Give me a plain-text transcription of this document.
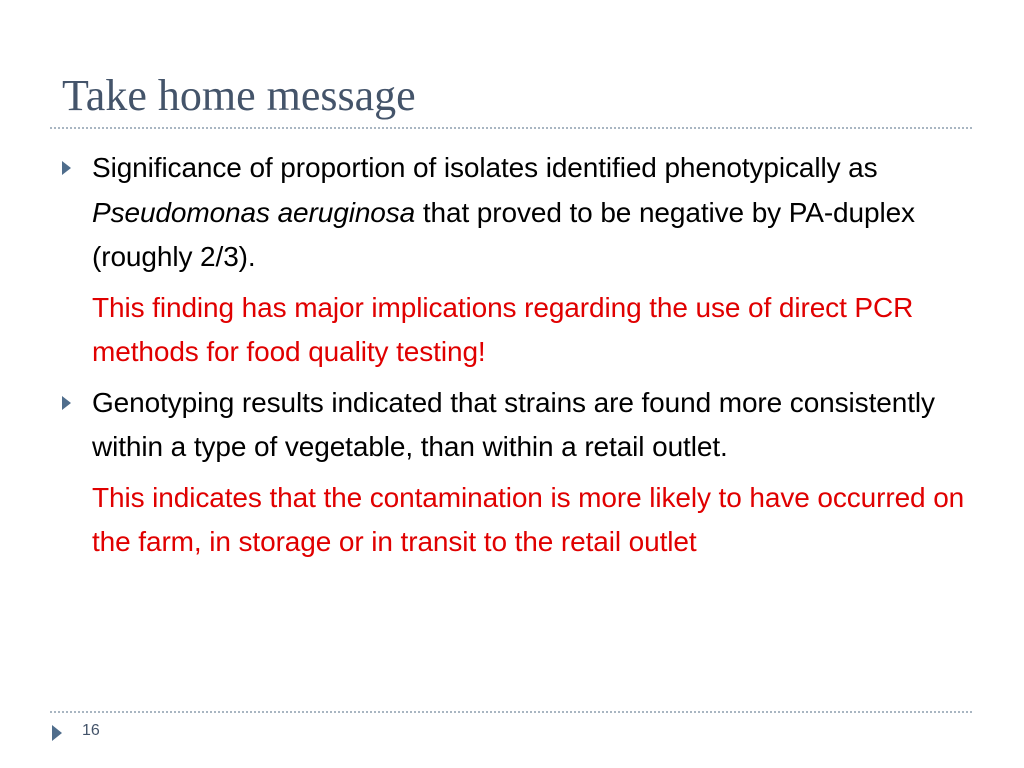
Take home message
Significance of proportion of isolates identified phenotypically as Pseudomonas aeruginosa that proved to be negative by PA-duplex (roughly 2/3).
This finding has major implications regarding the use of direct PCR methods for food quality testing!
Genotyping results indicated that strains are found more consistently within a type of vegetable, than within a retail outlet.
This indicates that the contamination is more likely to have occurred on the farm, in storage or in transit to the retail outlet
16
